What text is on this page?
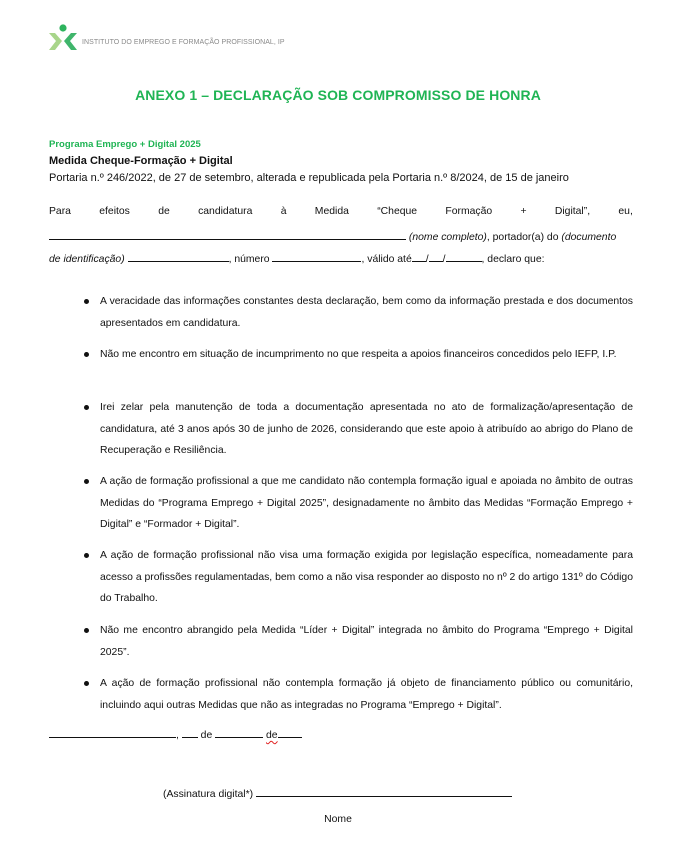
INSTITUTO DO EMPREGO E FORMAÇÃO PROFISSIONAL, IP
ANEXO 1 – DECLARAÇÃO SOB COMPROMISSO DE HONRA
Programa Emprego + Digital 2025
Medida Cheque-Formação + Digital
Portaria n.º 246/2022, de 27 de setembro, alterada e republicada pela Portaria n.º 8/2024, de 15 de janeiro
Para	efeitos	de	candidatura	à	Medida	“Cheque	Formação	+	Digital”,	eu,
(nome completo), portador(a) do (documento
de identificação)	, número	, válido até / /	, declaro que:
A veracidade das informações constantes desta declaração, bem como da informação prestada e dos documentos apresentados em candidatura.
Não me encontro em situação de incumprimento no que respeita a apoios financeiros concedidos pelo IEFP, I.P.
Irei zelar pela manutenção de toda a documentação apresentada no ato de formalização/apresentação de candidatura, até 3 anos após 30 de junho de 2026, considerando que este apoio à atribuído ao abrigo do Plano de Recuperação e Resiliência.
A ação de formação profissional a que me candidato não contempla formação igual e apoiada no âmbito de outras Medidas do “Programa Emprego + Digital 2025”, designadamente no âmbito das Medidas “Formação Emprego + Digital” e “Formador + Digital”.
A ação de formação profissional não visa uma formação exigida por legislação específica, nomeadamente para acesso a profissões regulamentadas, bem como a não visa responder ao disposto no nº 2 do artigo 131º do Código do Trabalho.
Não me encontro abrangido pela Medida “Líder + Digital” integrada no âmbito do Programa “Emprego + Digital 2025”.
A ação de formação profissional não contempla formação já objeto de financiamento público ou comunitário, incluindo aqui outras Medidas que não as integradas no Programa “Emprego + Digital”.
, de	de
(Assinatura digital*)
Nome
